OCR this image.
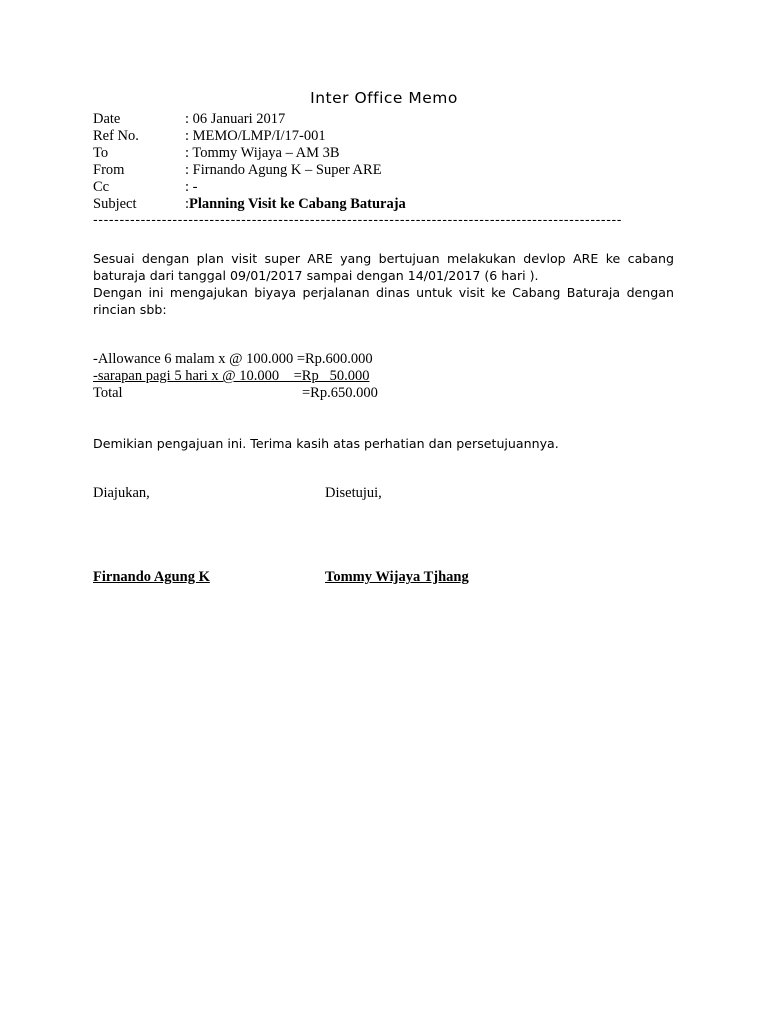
Inter Office Memo
Date	: 06 Januari 2017
Ref No.	: MEMO/LMP/I/17-001
To	: Tommy Wijaya – AM 3B
From	: Firnando Agung K – Super ARE
Cc	: -
Subject	:Planning Visit ke Cabang Baturaja
----------------------------------------------------------------------------------------------------

Sesuai dengan plan visit super ARE yang bertujuan melakukan devlop ARE ke cabang baturaja dari tanggal 09/01/2017 sampai dengan 14/01/2017 (6 hari ).

Dengan ini mengajukan biyaya perjalanan dinas untuk visit ke Cabang Baturaja dengan rincian sbb:

-Allowance 6 malam x @ 100.000 =Rp.600.000
-sarapan pagi 5 hari x @ 10.000    =Rp   50.000
Total	=Rp.650.000
Demikian pengajuan ini. Terima kasih atas perhatian dan persetujuannya.
Diajukan,	Disetujui,
Firnando Agung K	Tommy Wijaya Tjhang
